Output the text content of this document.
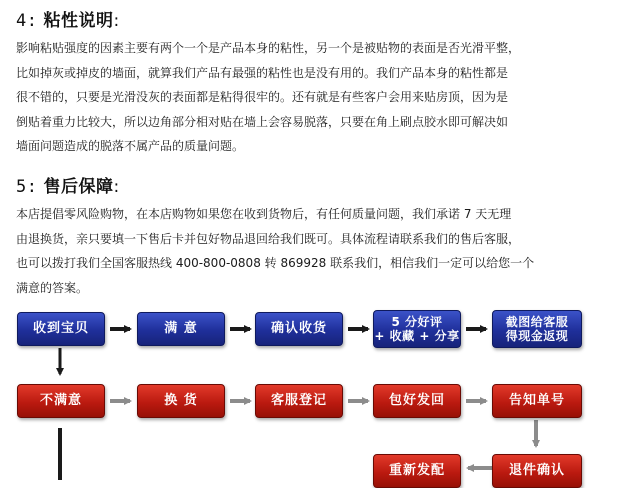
4: 粘性说明:
影响粘贴强度的因素主要有两个一个是产品本身的粘性，另一个是被贴物的表面是否光滑平整，
比如掉灰或掉皮的墙面，就算我们产品有最强的粘性也是没有用的。我们产品本身的粘性都是
很不错的，只要是光滑没灰的表面都是粘得很牢的。还有就是有些客户会用来贴房顶，因为是
倒贴着重力比较大，所以边角部分相对贴在墙上会容易脱落，只要在角上刷点胶水即可解决如
墙面问题造成的脱落不属产品的质量问题。
5: 售后保障:
本店提倡零风险购物，在本店购物如果您在收到货物后，有任何质量问题，我们承诺 7 天无理
由退换货，亲只要填一下售后卡并包好物品退回给我们既可。具体流程请联系我们的售后客服，
也可以拨打我们全国客服热线 400-800-0808 转 869928 联系我们，相信我们一定可以给您一个
满意的答案。
收到宝贝	满 意	确认收货	5 分好评
+ 收藏 + 分享
截图给客服
得现金返现
不满意	换 货	客服登记	包好发回	告知单号
重新发配	退件确认
